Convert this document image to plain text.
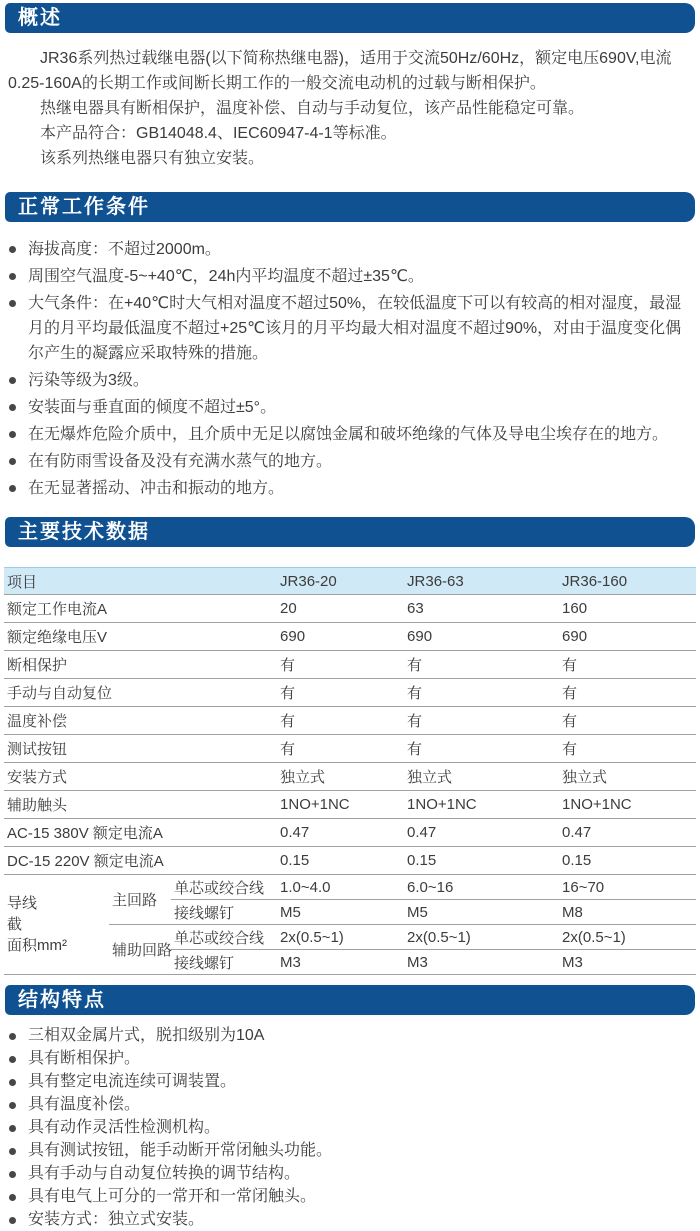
概述

JR36系列热过载继电器(以下简称热继电器)，适用于交流50Hz/60Hz，额定电压690V,电流0.25-160A的长期工作或间断长期工作的一般交流电动机的过载与断相保护。

热继电器具有断相保护，温度补偿、自动与手动复位，该产品性能稳定可靠。

本产品符合：GB14048.4、IEC60947-4-1等标准。

该系列热继电器只有独立安装。

正常工作条件
海拔高度：不超过2000m。
周围空气温度-5~+40℃，24h内平均温度不超过±35℃。
大气条件：在+40℃时大气相对温度不超过50%，在较低温度下可以有较高的相对湿度，最湿月的月平均最低温度不超过+25℃该月的月平均最大相对温度不超过90%，对由于温度变化偶尔产生的凝露应采取特殊的措施。
污染等级为3级。
安装面与垂直面的倾度不超过±5°。
在无爆炸危险介质中，且介质中无足以腐蚀金属和破坏绝缘的气体及导电尘埃存在的地方。
在有防雨雪设备及没有充满水蒸气的地方。
在无显著摇动、冲击和振动的地方。
主要技术数据
项目			JR36-20	JR36-63	JR36-160
额定工作电流A			20	63	160
额定绝缘电压V			690	690	690
断相保护			有	有	有
手动与自动复位			有	有	有
温度补偿			有	有	有
测试按钮			有	有	有
安装方式			独立式	独立式	独立式
辅助触头			1NO+1NC	1NO+1NC	1NO+1NC
AC-15 380V 额定电流A			0.47	0.47	0.47
DC-15 220V 额定电流A			0.15	0.15	0.15

导线
截
面积mm²	主回路	单芯或绞合线	1.0~4.0	6.0~16	16~70
		接线螺钉	M5	M5	M8
	辅助回路	单芯或绞合线	2x(0.5~1)	2x(0.5~1)	2x(0.5~1)
		接线螺钉	M3	M3	M3
结构特点
三相双金属片式，脱扣级别为10A
具有断相保护。
具有整定电流连续可调装置。
具有温度补偿。
具有动作灵活性检测机构。
具有测试按钮，能手动断开常闭触头功能。
具有手动与自动复位转换的调节结构。
具有电气上可分的一常开和一常闭触头。
安装方式：独立式安装。
